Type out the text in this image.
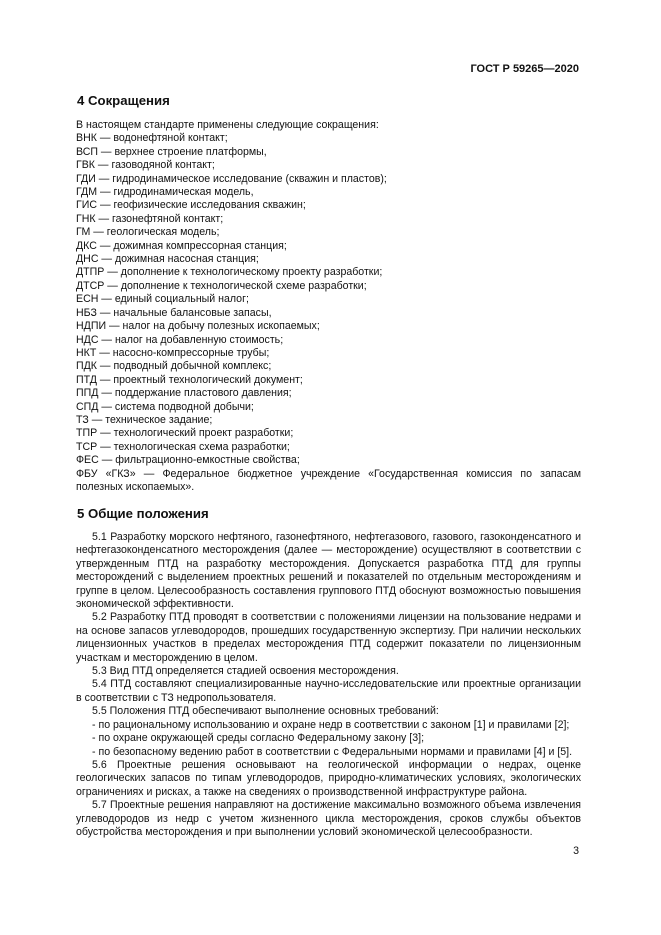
ГОСТ Р 59265—2020
4 Сокращения
В настоящем стандарте применены следующие сокращения:
ВНК — водонефтяной контакт;
ВСП — верхнее строение платформы,
ГВК — газоводяной контакт;
ГДИ — гидродинамическое исследование (скважин и пластов);
ГДМ — гидродинамическая модель,
ГИС — геофизические исследования скважин;
ГНК — газонефтяной контакт;
ГМ — геологическая модель;
ДКС — дожимная компрессорная станция;
ДНС — дожимная насосная станция;
ДТПР — дополнение к технологическому проекту разработки;
ДТСР — дополнение к технологической схеме разработки;
ЕСН — единый социальный налог;
НБЗ — начальные балансовые запасы,
НДПИ — налог на добычу полезных ископаемых;
НДС — налог на добавленную стоимость;
НКТ — насосно-компрессорные трубы;
ПДК — подводный добычной комплекс;
ПТД — проектный технологический документ;
ППД — поддержание пластового давления;
СПД — система подводной добычи;
ТЗ — техническое задание;
ТПР — технологический проект разработки;
ТСР — технологическая схема разработки;
ФЕС — фильтрационно-емкостные свойства;
ФБУ «ГКЗ» — Федеральное бюджетное учреждение «Государственная комиссия по запасам полезных ископаемых».
5 Общие положения

5.1 Разработку морского нефтяного, газонефтяного, нефтегазового, газового, газоконденсатного и нефтегазоконденсатного месторождения (далее — месторождение) осуществляют в соответствии с утвержденным ПТД на разработку месторождения. Допускается разработка ПТД для группы месторождений с выделением проектных решений и показателей по отдельным месторождениям и группе в целом. Целесообразность составления группового ПТД обоснуют возможностью повышения экономической эффективности.

5.2 Разработку ПТД проводят в соответствии с положениями лицензии на пользование недрами и на основе запасов углеводородов, прошедших государственную экспертизу. При наличии нескольких лицензионных участков в пределах месторождения ПТД содержит показатели по лицензионным участкам и месторождению в целом.

5.3 Вид ПТД определяется стадией освоения месторождения.

5.4 ПТД составляют специализированные научно-исследовательские или проектные организации в соответствии с ТЗ недропользователя.

5.5 Положения ПТД обеспечивают выполнение основных требований:

- по рациональному использованию и охране недр в соответствии с законом [1] и правилами [2];

- по охране окружающей среды согласно Федеральному закону [3];

- по безопасному ведению работ в соответствии с Федеральными нормами и правилами [4] и [5].

5.6 Проектные решения основывают на геологической информации о недрах, оценке геологических запасов по типам углеводородов, природно-климатических условиях, экологических ограничениях и рисках, а также на сведениях о производственной инфраструктуре района.

5.7 Проектные решения направляют на достижение максимально возможного объема извлечения углеводородов из недр с учетом жизненного цикла месторождения, сроков службы объектов обустройства месторождения и при выполнении условий экономической целесообразности.

3
